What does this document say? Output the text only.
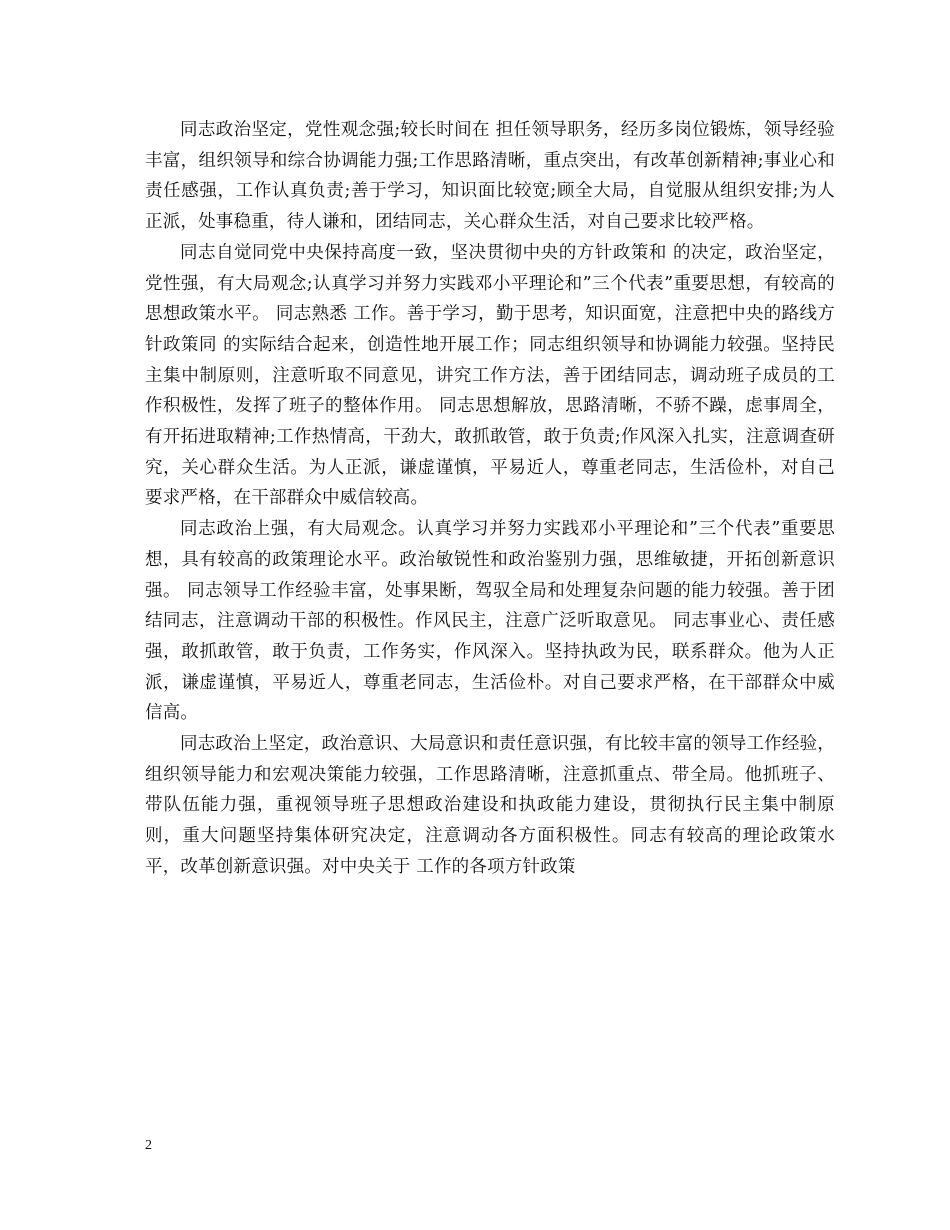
同志政治坚定，党性观念强;较长时间在 担任领导职务，经历多岗位锻炼，领导经验丰富，组织领导和综合协调能力强;工作思路清晰，重点突出，有改革创新精神;事业心和责任感强，工作认真负责;善于学习，知识面比较宽;顾全大局，自觉服从组织安排;为人正派，处事稳重，待人谦和，团结同志，关心群众生活，对自己要求比较严格。

同志自觉同党中央保持高度一致，坚决贯彻中央的方针政策和 的决定，政治坚定，党性强，有大局观念;认真学习并努力实践邓小平理论和”三个代表”重要思想，有较高的思想政策水平。 同志熟悉 工作。善于学习，勤于思考，知识面宽，注意把中央的路线方针政策同 的实际结合起来，创造性地开展工作；同志组织领导和协调能力较强。坚持民主集中制原则，注意听取不同意见，讲究工作方法，善于团结同志，调动班子成员的工作积极性，发挥了班子的整体作用。 同志思想解放，思路清晰，不骄不躁，虑事周全，有开拓进取精神;工作热情高，干劲大，敢抓敢管，敢于负责;作风深入扎实，注意调查研究，关心群众生活。为人正派，谦虚谨慎，平易近人，尊重老同志，生活俭朴，对自己要求严格，在干部群众中威信较高。

同志政治上强，有大局观念。认真学习并努力实践邓小平理论和”三个代表”重要思想，具有较高的政策理论水平。政治敏锐性和政治鉴别力强，思维敏捷，开拓创新意识强。 同志领导工作经验丰富，处事果断，驾驭全局和处理复杂问题的能力较强。善于团结同志，注意调动干部的积极性。作风民主，注意广泛听取意见。 同志事业心、责任感强，敢抓敢管，敢于负责，工作务实，作风深入。坚持执政为民，联系群众。他为人正派，谦虚谨慎，平易近人，尊重老同志，生活俭朴。对自己要求严格，在干部群众中威信高。

同志政治上坚定，政治意识、大局意识和责任意识强，有比较丰富的领导工作经验，组织领导能力和宏观决策能力较强，工作思路清晰，注意抓重点、带全局。他抓班子、带队伍能力强，重视领导班子思想政治建设和执政能力建设，贯彻执行民主集中制原则，重大问题坚持集体研究决定，注意调动各方面积极性。同志有较高的理论政策水平，改革创新意识强。对中央关于 工作的各项方针政策

2
